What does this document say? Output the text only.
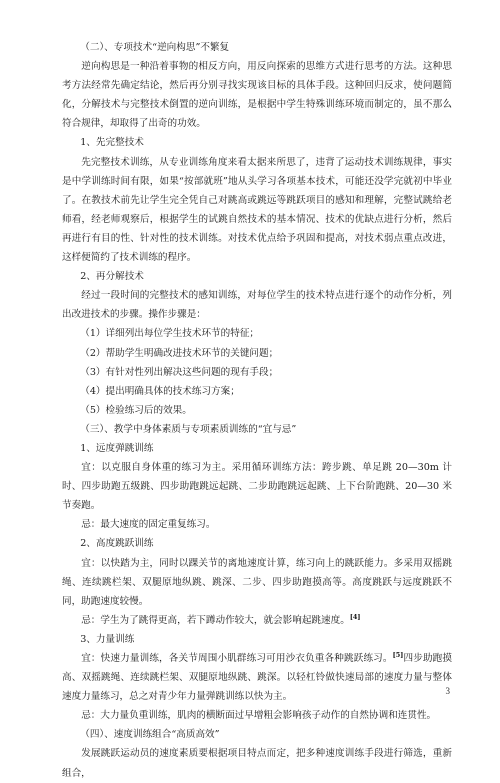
（二）、专项技术“逆向构思”不繁复

逆向构思是一种沿着事物的相反方向，用反向探索的思维方式进行思考的方法。这种思考方法经常先确定结论，然后再分别寻找实现该目标的具体手段。这种回归反求，使问题简化，分解技术与完整技术倒置的逆向训练，是根据中学生特殊训练环境而制定的，虽不那么符合规律，却取得了出奇的功效。

1、先完整技术

先完整技术训练，从专业训练角度来看太据来所思了，违背了运动技术训练规律，事实是中学训练时间有限，如果“按部就班”地从头学习各项基本技术，可能还没学完就初中毕业了。在教技术前先让学生完全凭自己对跳高或跳远等跳跃项目的感知和理解，完整试跳给老师看，经老师观察后，根据学生的试跳自然技术的基本情况、技术的优缺点进行分析，然后再进行有目的性、针对性的技术训练。对技术优点给予巩固和提高，对技术弱点重点改进，这样便简约了技术训练的程序。

2、再分解技术

经过一段时间的完整技术的感知训练，对每位学生的技术特点进行逐个的动作分析，列出改进技术的步骤。操作步骤是：

（1）详细列出每位学生技术环节的特征；

（2）帮助学生明确改进技术环节的关键问题；

（3）有针对性列出解决这些问题的现有手段；

（4）提出明确具体的技术练习方案；

（5）检验练习后的效果。

（三）、教学中身体素质与专项素质训练的“宜与忌”

1、远度弹跳训练

宜：以克服自身体重的练习为主。采用循环训练方法：跨步跳、单足跳 20—30m 计时、四步助跑五级跳、四步助跑跳远起跳、二步助跑跳远起跳、上下台阶跑跳、20—30 米节奏跑。

忌：最大速度的固定重复练习。

2、高度跳跃训练

宜：以快踏为主，同时以踝关节的离地速度计算，练习向上的跳跃能力。多采用双摇跳绳、连续跳栏架、双腿原地纵跳、跳深、二步、四步助跑摸高等。高度跳跃与远度跳跃不同，助跑速度较慢。

忌：学生为了跳得更高，若下蹲动作较大，就会影响起跳速度。[4]

3、力量训练

宜：快速力量训练，各关节周围小肌群练习可用沙衣负重各种跳跃练习。[5]四步助跑摸高、双摇跳绳、连续跳栏架、双腿原地纵跳、跳深。以轻杠铃做快速局部的速度力量与整体速度力量练习，总之对青少年力量弹跳训练以快为主。

忌：大力量负重训练，肌肉的横断面过早增粗会影响孩子动作的自然协调和连贯性。

（四）、速度训练组合“高质高效”

发展跳跃运动员的速度素质要根据项目特点而定，把多种速度训练手段进行筛选，重新组合，

3
